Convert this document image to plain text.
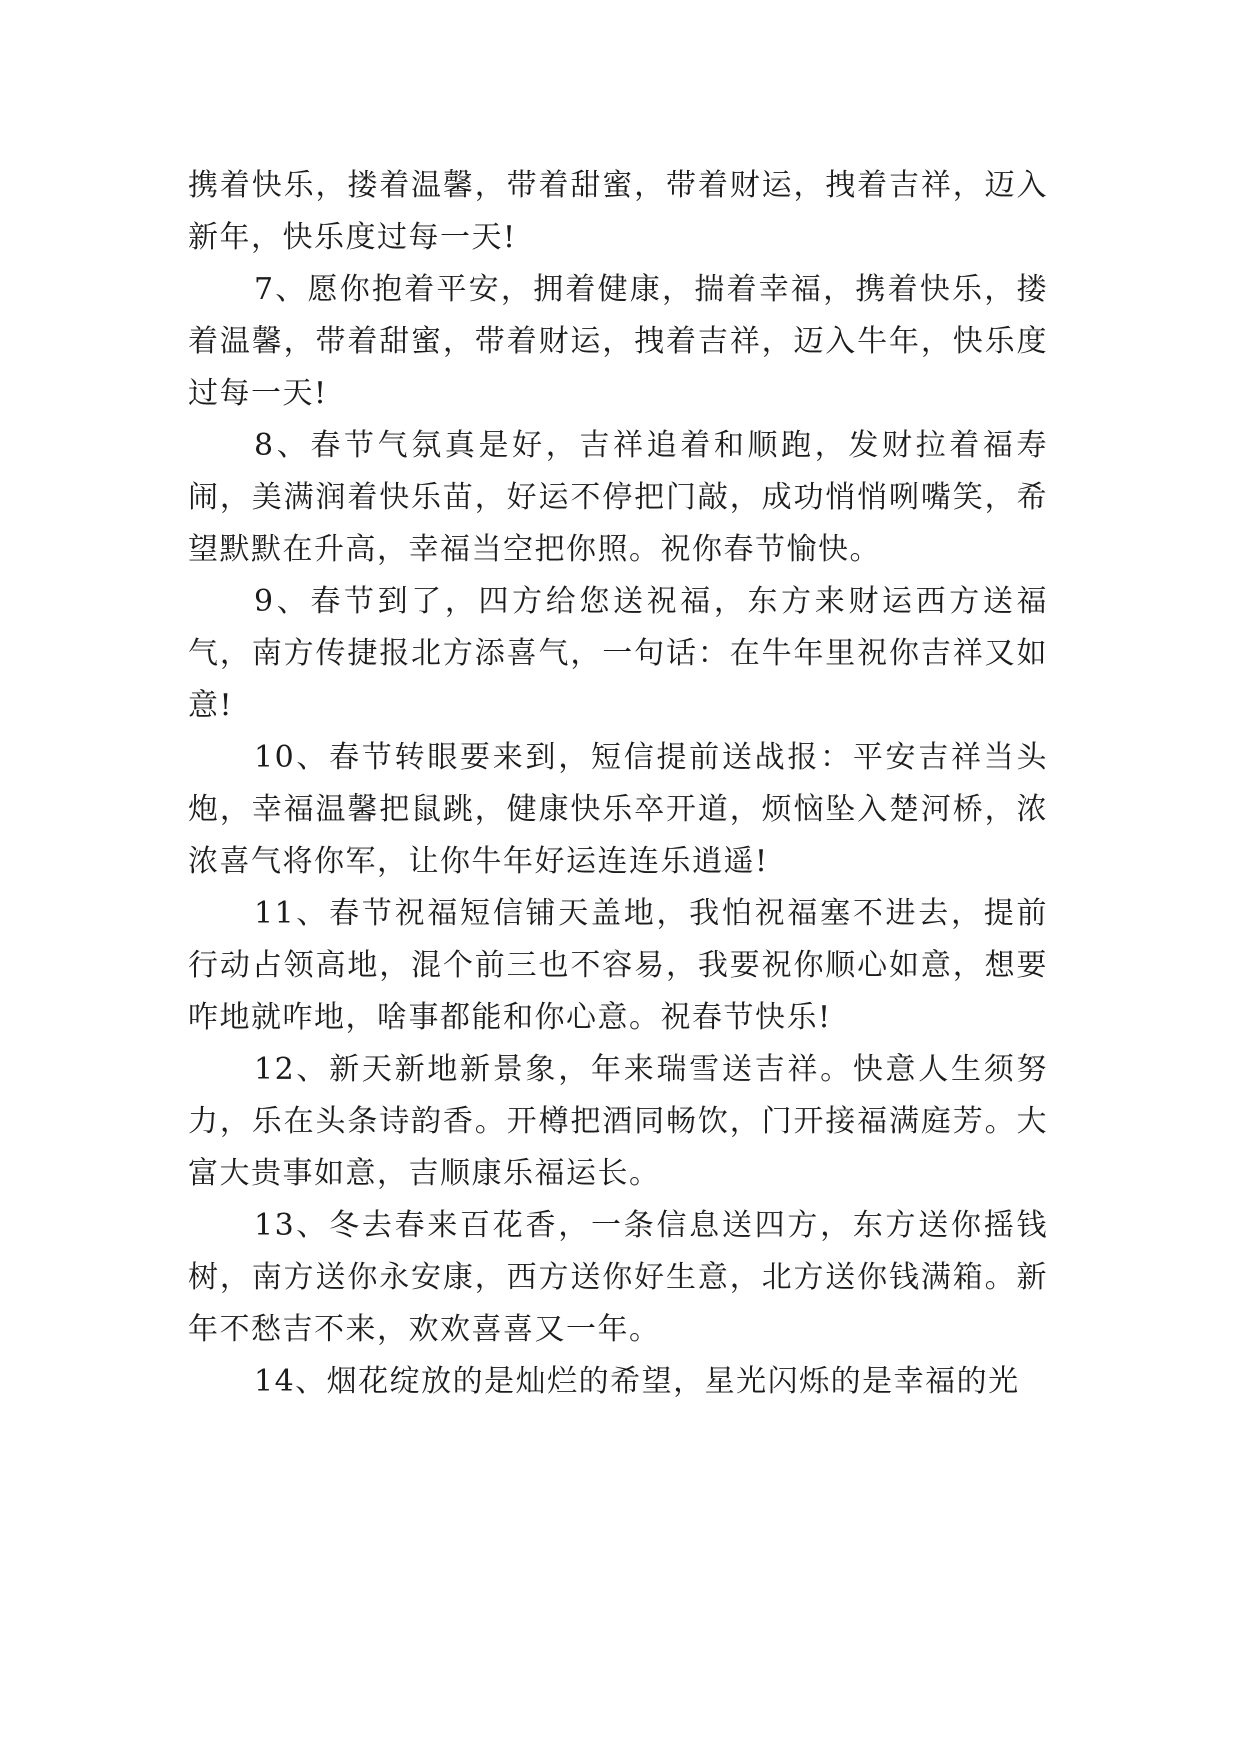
携着快乐，搂着温馨，带着甜蜜，带着财运，拽着吉祥，迈入新年，快乐度过每一天!

7、愿你抱着平安，拥着健康，揣着幸福，携着快乐，搂着温馨，带着甜蜜，带着财运，拽着吉祥，迈入牛年，快乐度过每一天!

8、春节气氛真是好，吉祥追着和顺跑，发财拉着福寿闹，美满润着快乐苗，好运不停把门敲，成功悄悄咧嘴笑，希望默默在升高，幸福当空把你照。祝你春节愉快。

9、春节到了，四方给您送祝福，东方来财运西方送福气，南方传捷报北方添喜气，一句话：在牛年里祝你吉祥又如意!

10、春节转眼要来到，短信提前送战报：平安吉祥当头炮，幸福温馨把鼠跳，健康快乐卒开道，烦恼坠入楚河桥，浓浓喜气将你军，让你牛年好运连连乐逍遥!

11、春节祝福短信铺天盖地，我怕祝福塞不进去，提前行动占领高地，混个前三也不容易，我要祝你顺心如意，想要咋地就咋地，啥事都能和你心意。祝春节快乐!

12、新天新地新景象，年来瑞雪送吉祥。快意人生须努力，乐在头条诗韵香。开樽把酒同畅饮，门开接福满庭芳。大富大贵事如意，吉顺康乐福运长。

13、冬去春来百花香，一条信息送四方，东方送你摇钱树，南方送你永安康，西方送你好生意，北方送你钱满箱。新年不愁吉不来，欢欢喜喜又一年。

14、烟花绽放的是灿烂的希望，星光闪烁的是幸福的光
